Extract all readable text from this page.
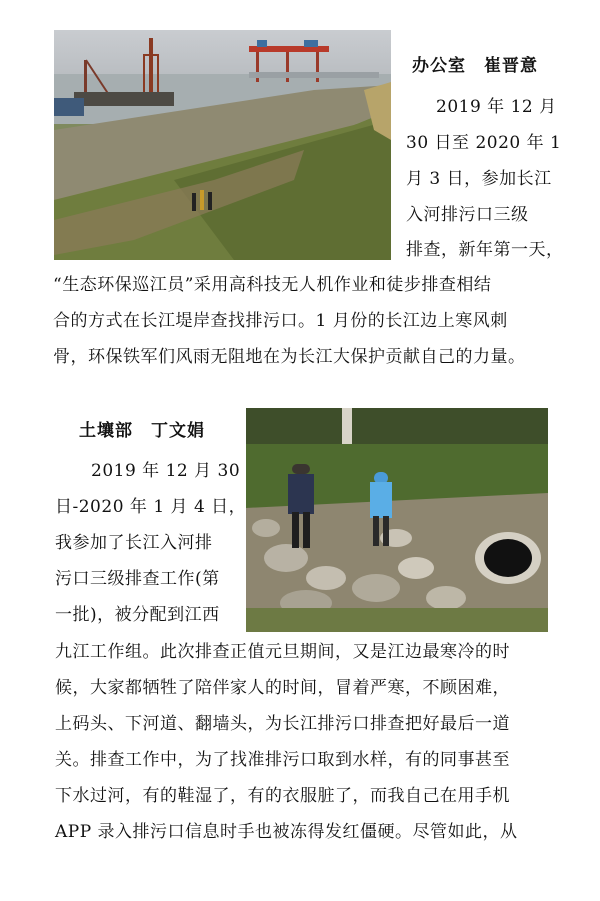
办公室　崔晋意
2019 年 12 月
30 日至 2020 年 1
月 3 日，参加长江
入河排污口三级
排查，新年第一天，
“生态环保巡江员”采用高科技无人机作业和徒步排查相结
合的方式在长江堤岸查找排污口。1 月份的长江边上寒风刺
骨，环保铁军们风雨无阻地在为长江大保护贡献自己的力量。
土壤部　丁文娟
2019 年 12 月 30
日-2020 年 1 月 4 日，
我参加了长江入河排
污口三级排查工作(第
一批)，被分配到江西
九江工作组。此次排查正值元旦期间，又是江边最寒冷的时
候，大家都牺牲了陪伴家人的时间，冒着严寒，不顾困难，
上码头、下河道、翻墙头，为长江排污口排查把好最后一道
关。排查工作中，为了找准排污口取到水样，有的同事甚至
下水过河，有的鞋湿了，有的衣服脏了，而我自己在用手机
APP 录入排污口信息时手也被冻得发红僵硬。尽管如此，从
